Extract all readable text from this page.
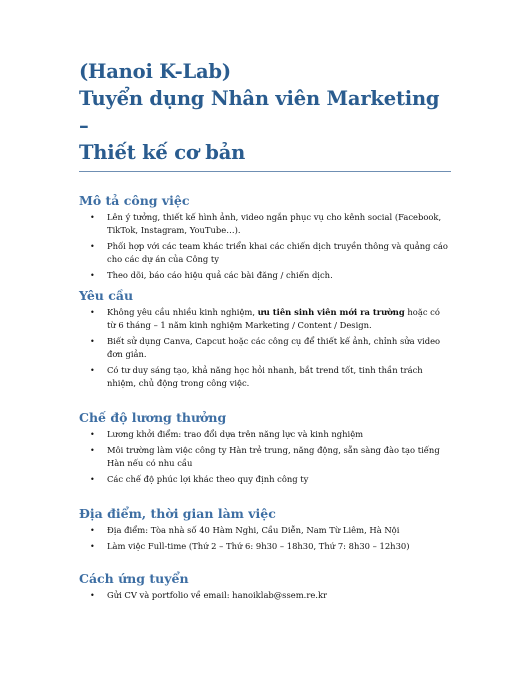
(Hanoi K-Lab)

Tuyển dụng Nhân viên Marketing –

Thiết kế cơ bản

Mô tả công việc
• Lên ý tưởng, thiết kế hình ảnh, video ngắn phục vụ cho kênh social (Facebook, TikTok, Instagram, YouTube…).
• Phối hợp với các team khác triển khai các chiến dịch truyền thông và quảng cáo cho các dự án của Công ty
• Theo dõi, báo cáo hiệu quả các bài đăng / chiến dịch.
Yêu cầu
• Không yêu cầu nhiều kinh nghiệm, ưu tiên sinh viên mới ra trường hoặc có từ 6 tháng – 1 năm kinh nghiệm Marketing / Content / Design.
• Biết sử dụng Canva, Capcut hoặc các công cụ để thiết kế ảnh, chỉnh sửa video đơn giản.
• Có tư duy sáng tạo, khả năng học hỏi nhanh, bắt trend tốt, tinh thần trách nhiệm, chủ động trong công việc.
Chế độ lương thưởng
• Lương khởi điểm: trao đổi dựa trên năng lực và kinh nghiệm
• Môi trường làm việc công ty Hàn trẻ trung, năng động, sẵn sàng đào tạo tiếng Hàn nếu có nhu cầu
• Các chế độ phúc lợi khác theo quy định công ty
Địa điểm, thời gian làm việc
• Địa điểm: Tòa nhà số 40 Hàm Nghi, Cầu Diễn, Nam Từ Liêm, Hà Nội
• Làm việc Full-time (Thứ 2 – Thứ 6: 9h30 – 18h30, Thứ 7: 8h30 – 12h30)
Cách ứng tuyển
• Gửi CV và portfolio về email: hanoiklab@ssem.re.kr
